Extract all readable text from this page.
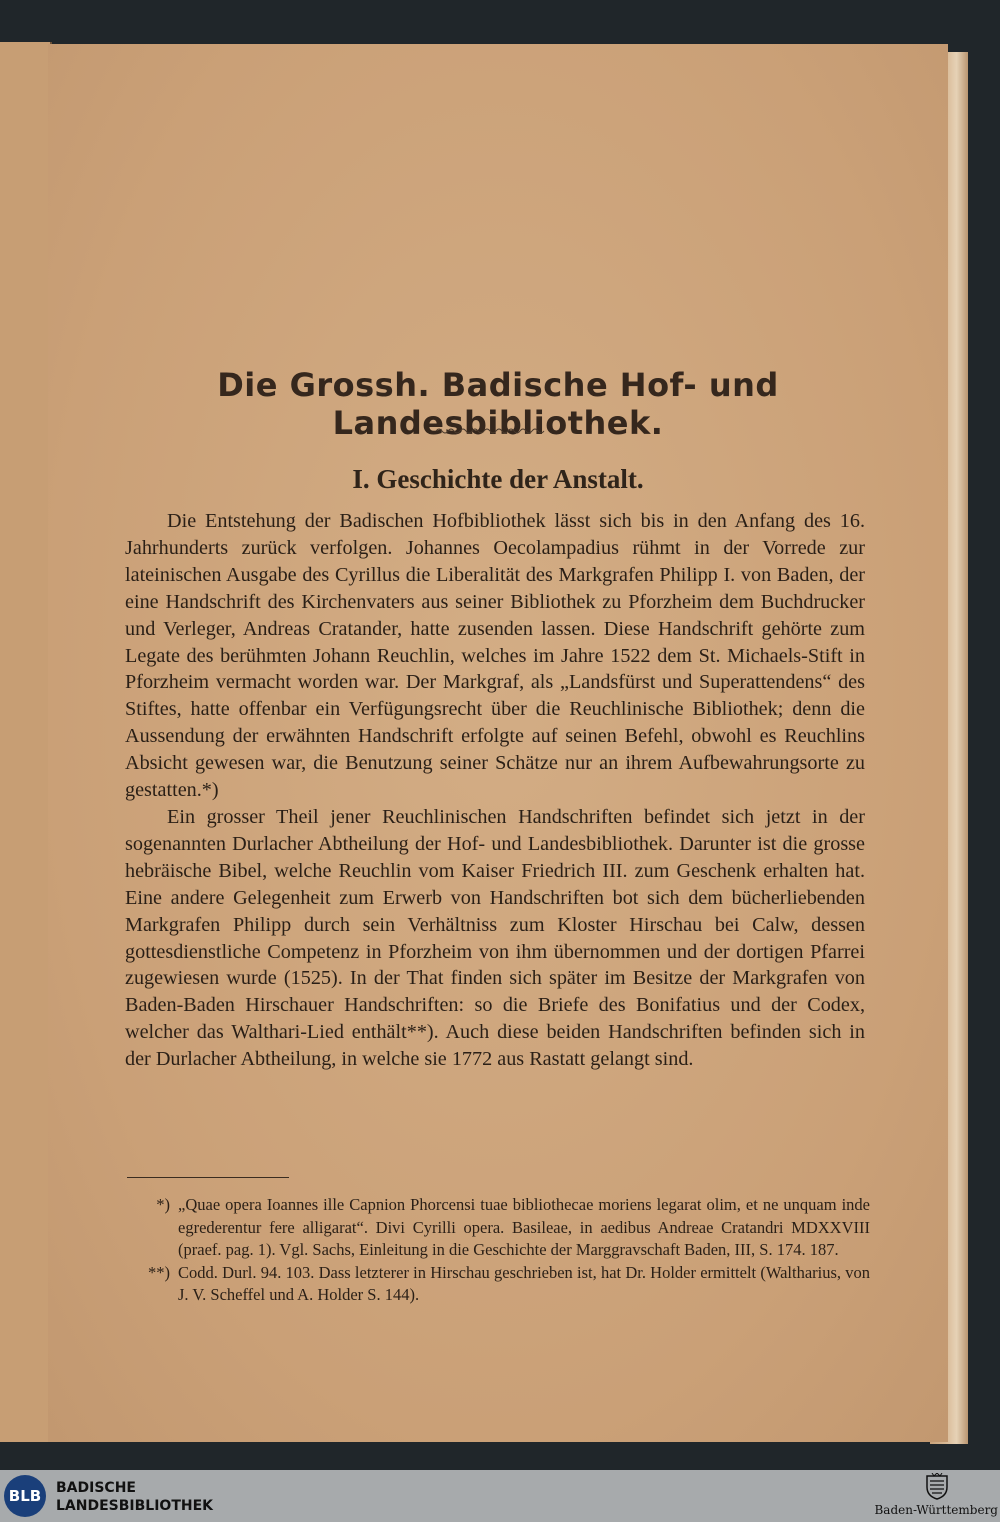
Die Grossh. Badische Hof- und Landesbibliothek.
I. Geschichte der Anstalt.

Die Entstehung der Badischen Hofbibliothek lässt sich bis in den Anfang des 16. Jahrhunderts zurück verfolgen. Johannes Oecolampadius rühmt in der Vorrede zur lateinischen Ausgabe des Cyrillus die Liberalität des Markgrafen Philipp I. von Baden, der eine Handschrift des Kirchenvaters aus seiner Bibliothek zu Pforzheim dem Buchdrucker und Verleger, Andreas Cratander, hatte zusenden lassen. Diese Handschrift gehörte zum Legate des berühmten Johann Reuchlin, welches im Jahre 1522 dem St. Michaels-Stift in Pforzheim vermacht worden war. Der Markgraf, als „Landsfürst und Superattendens“ des Stiftes, hatte offenbar ein Verfügungsrecht über die Reuchlinische Bibliothek; denn die Aussendung der erwähnten Handschrift erfolgte auf seinen Befehl, obwohl es Reuchlins Absicht gewesen war, die Benutzung seiner Schätze nur an ihrem Aufbewahrungsorte zu gestatten.*)

Ein grosser Theil jener Reuchlinischen Handschriften befindet sich jetzt in der sogenannten Durlacher Abtheilung der Hof- und Landesbibliothek. Darunter ist die grosse hebräische Bibel, welche Reuchlin vom Kaiser Friedrich III. zum Geschenk erhalten hat. Eine andere Gelegenheit zum Erwerb von Handschriften bot sich dem bücherliebenden Markgrafen Philipp durch sein Verhältniss zum Kloster Hirschau bei Calw, dessen gottesdienstliche Competenz in Pforzheim von ihm übernommen und der dortigen Pfarrei zugewiesen wurde (1525). In der That finden sich später im Besitze der Markgrafen von Baden-Baden Hirschauer Handschriften: so die Briefe des Bonifatius und der Codex, welcher das Walthari-Lied enthält**). Auch diese beiden Handschriften befinden sich in der Durlacher Abtheilung, in welche sie 1772 aus Rastatt gelangt sind.

*) „Quae opera Ioannes ille Capnion Phorcensi tuae bibliothecae moriens legarat olim, et ne unquam inde egrederentur fere alligarat“. Divi Cyrilli opera. Basileae, in aedibus Andreae Cratandri MDXXVIII (praef. pag. 1). Vgl. Sachs, Einleitung in die Geschichte der Marggravschaft Baden, III, S. 174. 187.
**) Codd. Durl. 94. 103. Dass letzterer in Hirschau geschrieben ist, hat Dr. Holder ermittelt (Waltharius, von J. V. Scheffel und A. Holder S. 144).
BLB	BADISCHE
LANDESBIBLIOTHEK	Baden-Württemberg
